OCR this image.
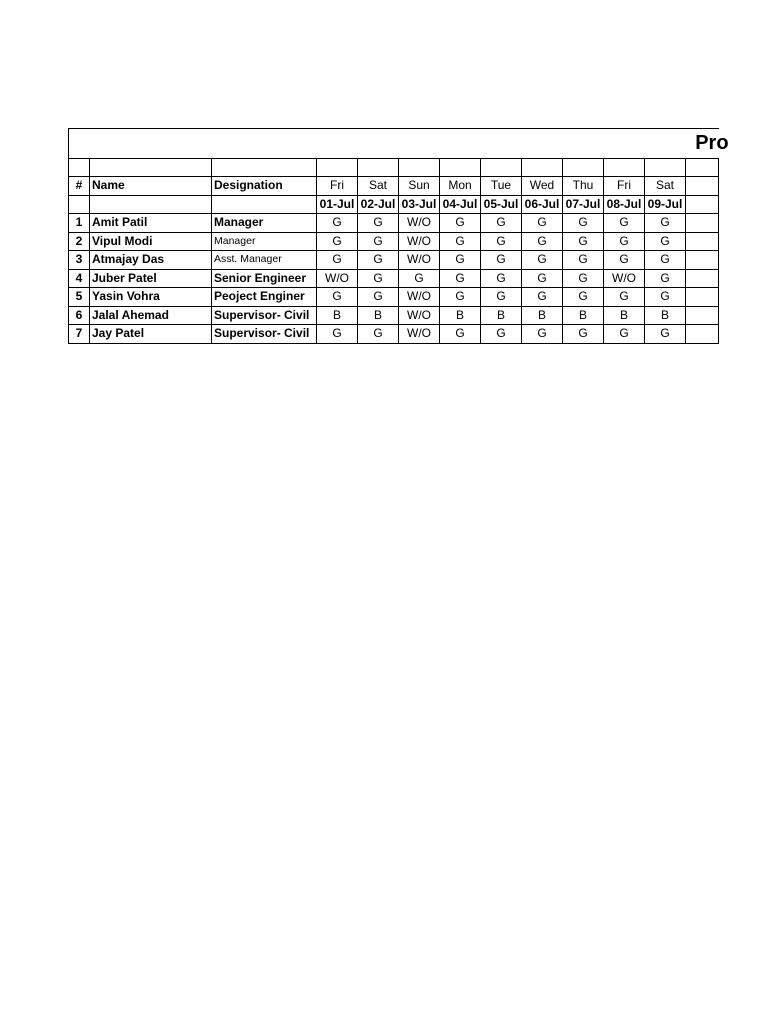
Pro												

#	Name	Designation	Fri	Sat	Sun	Mon	Tue	Wed	Thu	Fri	Sat	
			01-Jul	02-Jul	03-Jul	04-Jul	05-Jul	06-Jul	07-Jul	08-Jul	09-Jul	
1	Amit Patil	Manager	G	G	W/O	G	G	G	G	G	G	
2	Vipul Modi	Manager	G	G	W/O	G	G	G	G	G	G	
3	Atmajay Das	Asst. Manager	G	G	W/O	G	G	G	G	G	G	
4	Juber Patel	Senior Engineer	W/O	G	G	G	G	G	G	W/O	G	
5	Yasin Vohra	Peoject Enginer	G	G	W/O	G	G	G	G	G	G	
6	Jalal Ahemad	Supervisor- Civil	B	B	W/O	B	B	B	B	B	B	
7	Jay Patel	Supervisor- Civil	G	G	W/O	G	G	G	G	G	G	
